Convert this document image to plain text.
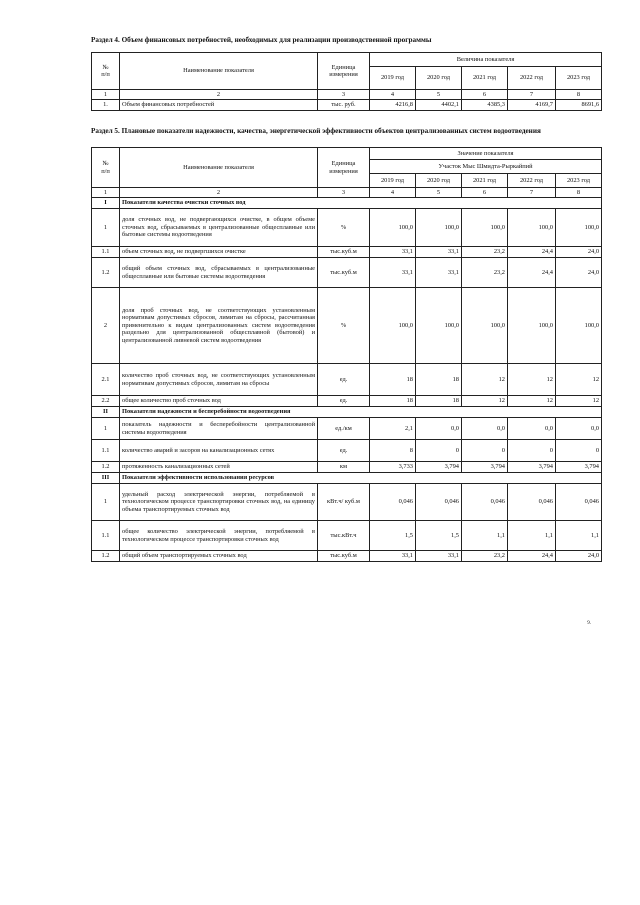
Раздел 4. Объем финансовых потребностей, необходимых для реализации производственной программы
№
п/п	Наименование показателя	Единица измерения	Величина показателя				
			2019 год	2020 год	2021 год	2022 год	2023 год
1	2	3	4	5	6	7	8
1.	Объем финансовых потребностей	тыс. руб.	4216,8	4402,1	4385,3	4169,7	8691,6
Раздел 5. Плановые показатели надежности, качества, энергетической эффективности объектов централизованных систем водоотведения
№
п/п	Наименование показателя	Единица измерения	Значение показателя				
			Участок Мыс Шмидта-Рыркайпий				
			2019 год	2020 год	2021 год	2022 год	2023 год
1	2	3	4	5	6	7	8
I	Показатели качества очистки сточных вод						
1	доля сточных вод, не подвергающихся очистке, в общем объеме сточных вод, сбрасываемых в централизованные общесплавные или бытовые системы водоотведения	%	100,0	100,0	100,0	100,0	100,0
1.1	объем сточных вод, не подвергшихся очистке	тыс.куб.м	33,1	33,1	23,2	24,4	24,0
1.2	общий объем сточных вод, сбрасываемых в централизованные общесплавные или бытовые системы водоотведения	тыс.куб.м	33,1	33,1	23,2	24,4	24,0
2	доля проб сточных вод, не соответствующих установленным нормативам допустимых сбросов, лимитам на сбросы, рассчитанная применительно к видам централизованных систем водоотведения раздельно для централизованной общесплавной (бытовой) и централизованной ливневой систем водоотведения	%	100,0	100,0	100,0	100,0	100,0
2.1	количество проб сточных вод, не соответствующих установленным нормативам допустимых сбросов, лимитам на сбросы	ед.	18	18	12	12	12
2.2	общее количество проб сточных вод	ед.	18	18	12	12	12
II	Показатели надежности и бесперебойности водоотведения						
1	показатель надежности и бесперебойности централизованной системы водоотведения	ед./км	2,1	0,0	0,0	0,0	0,0
1.1	количество аварий и засоров на канализационных сетях	ед.	8	0	0	0	0
1.2	протяженность канализационных сетей	км	3,733	3,794	3,794	3,794	3,794
III	Показатели эффективности использования ресурсов						
1	удельный расход электрической энергии, потребляемой в технологическом процессе транспортировки сточных вод, на единицу объема транспортируемых сточных вод	кВт.ч/ куб.м	0,046	0,046	0,046	0,046	0,046
1.1	общее количество электрической энергии, потребляемой в технологическом процессе транспортировки сточных вод	тыс.кВт.ч	1,5	1,5	1,1	1,1	1,1
1.2	общий объем транспортируемых сточных вод	тыс.куб.м	33,1	33,1	23,2	24,4	24,0
9.
